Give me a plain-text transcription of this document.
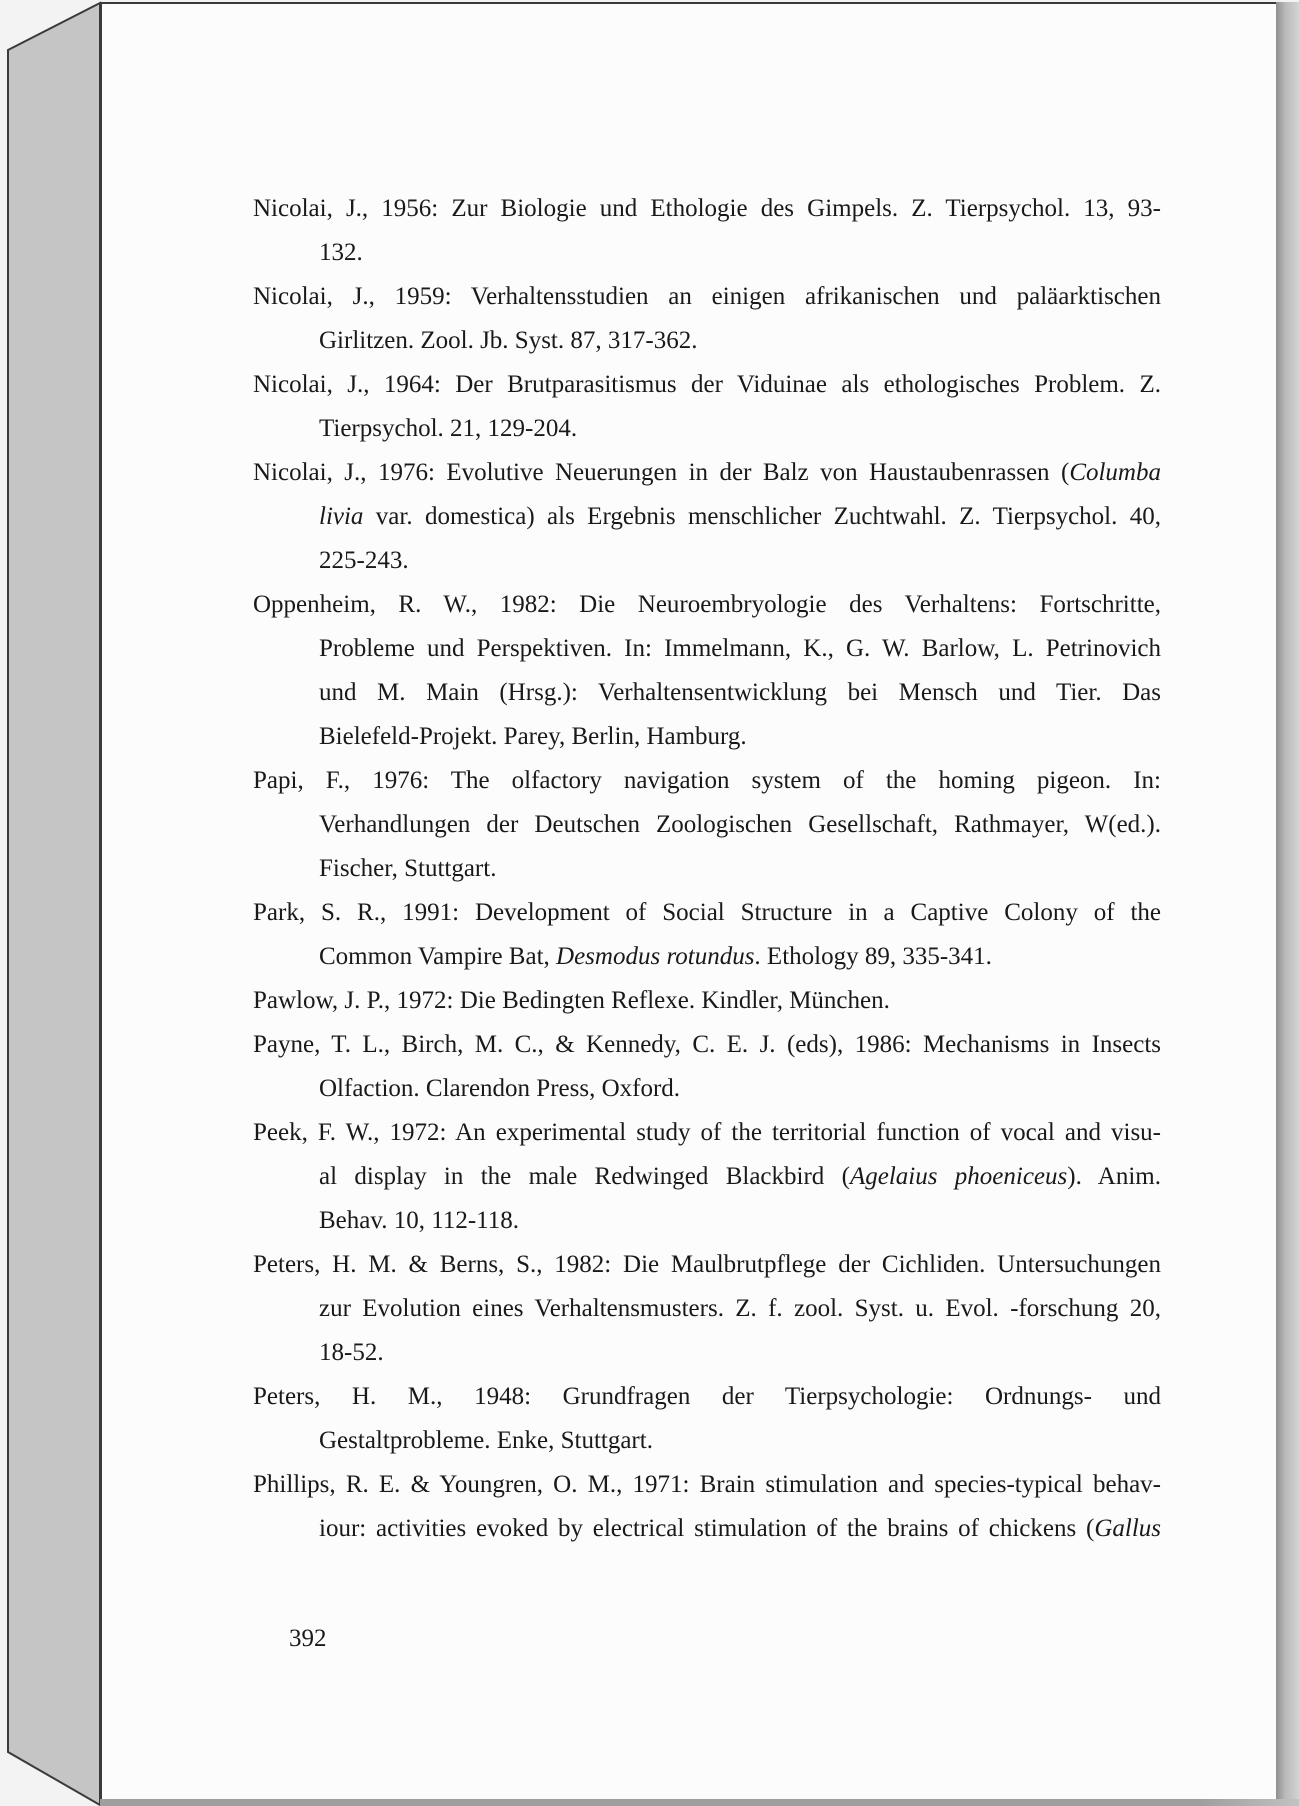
Nicolai, J., 1956: Zur Biologie und Ethologie des Gimpels. Z. Tierpsychol. 13, 93-
132.
Nicolai, J., 1959: Verhaltensstudien an einigen afrikanischen und paläarktischen
Girlitzen. Zool. Jb. Syst. 87, 317-362.
Nicolai, J., 1964: Der Brutparasitismus der Viduinae als ethologisches Problem. Z.
Tierpsychol. 21, 129-204.
Nicolai, J., 1976: Evolutive Neuerungen in der Balz von Haustaubenrassen (Columba
livia var. domestica) als Ergebnis menschlicher Zuchtwahl. Z. Tierpsychol. 40,
225-243.
Oppenheim, R. W., 1982: Die Neuroembryologie des Verhaltens: Fortschritte,
Probleme und Perspektiven. In: Immelmann, K., G. W. Barlow, L. Petrinovich
und M. Main (Hrsg.): Verhaltensentwicklung bei Mensch und Tier. Das
Bielefeld-Projekt. Parey, Berlin, Hamburg.
Papi, F., 1976: The olfactory navigation system of the homing pigeon. In:
Verhandlungen der Deutschen Zoologischen Gesellschaft, Rathmayer, W(ed.).
Fischer, Stuttgart.
Park, S. R., 1991: Development of Social Structure in a Captive Colony of the
Common Vampire Bat, Desmodus rotundus. Ethology 89, 335-341.
Pawlow, J. P., 1972: Die Bedingten Reflexe. Kindler, München.
Payne, T. L., Birch, M. C., & Kennedy, C. E. J. (eds), 1986: Mechanisms in Insects
Olfaction. Clarendon Press, Oxford.
Peek, F. W., 1972: An experimental study of the territorial function of vocal and visu-
al display in the male Redwinged Blackbird (Agelaius phoeniceus). Anim.
Behav. 10, 112-118.
Peters, H. M. & Berns, S., 1982: Die Maulbrutpflege der Cichliden. Untersuchungen
zur Evolution eines Verhaltensmusters. Z. f. zool. Syst. u. Evol. -forschung 20,
18-52.
Peters, H. M., 1948: Grundfragen der Tierpsychologie: Ordnungs- und
Gestaltprobleme. Enke, Stuttgart.
Phillips, R. E. & Youngren, O. M., 1971: Brain stimulation and species-typical behav-
iour: activities evoked by electrical stimulation of the brains of chickens (Gallus
392
